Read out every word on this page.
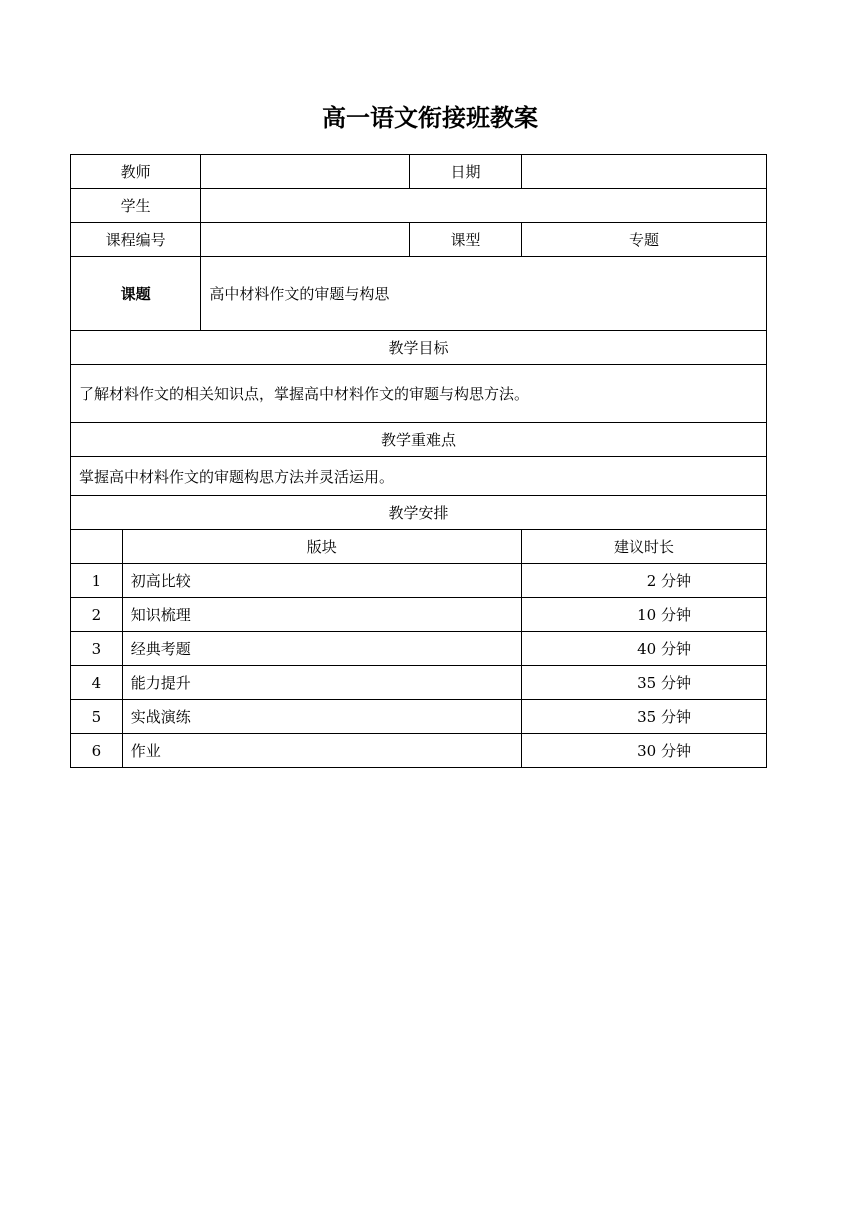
高一语文衔接班教案
教师			日期	
学生				
课程编号			课型	专题
课题		高中材料作文的审题与构思		
教学目标				
了解材料作文的相关知识点，掌握高中材料作文的审题与构思方法。				
教学重难点				
掌握高中材料作文的审题构思方法并灵活运用。				
教学安排				
	版块			建议时长
1	初高比较			2 分钟
2	知识梳理			10 分钟
3	经典考题			40 分钟
4	能力提升			35 分钟
5	实战演练			35 分钟
6	作业			30 分钟
